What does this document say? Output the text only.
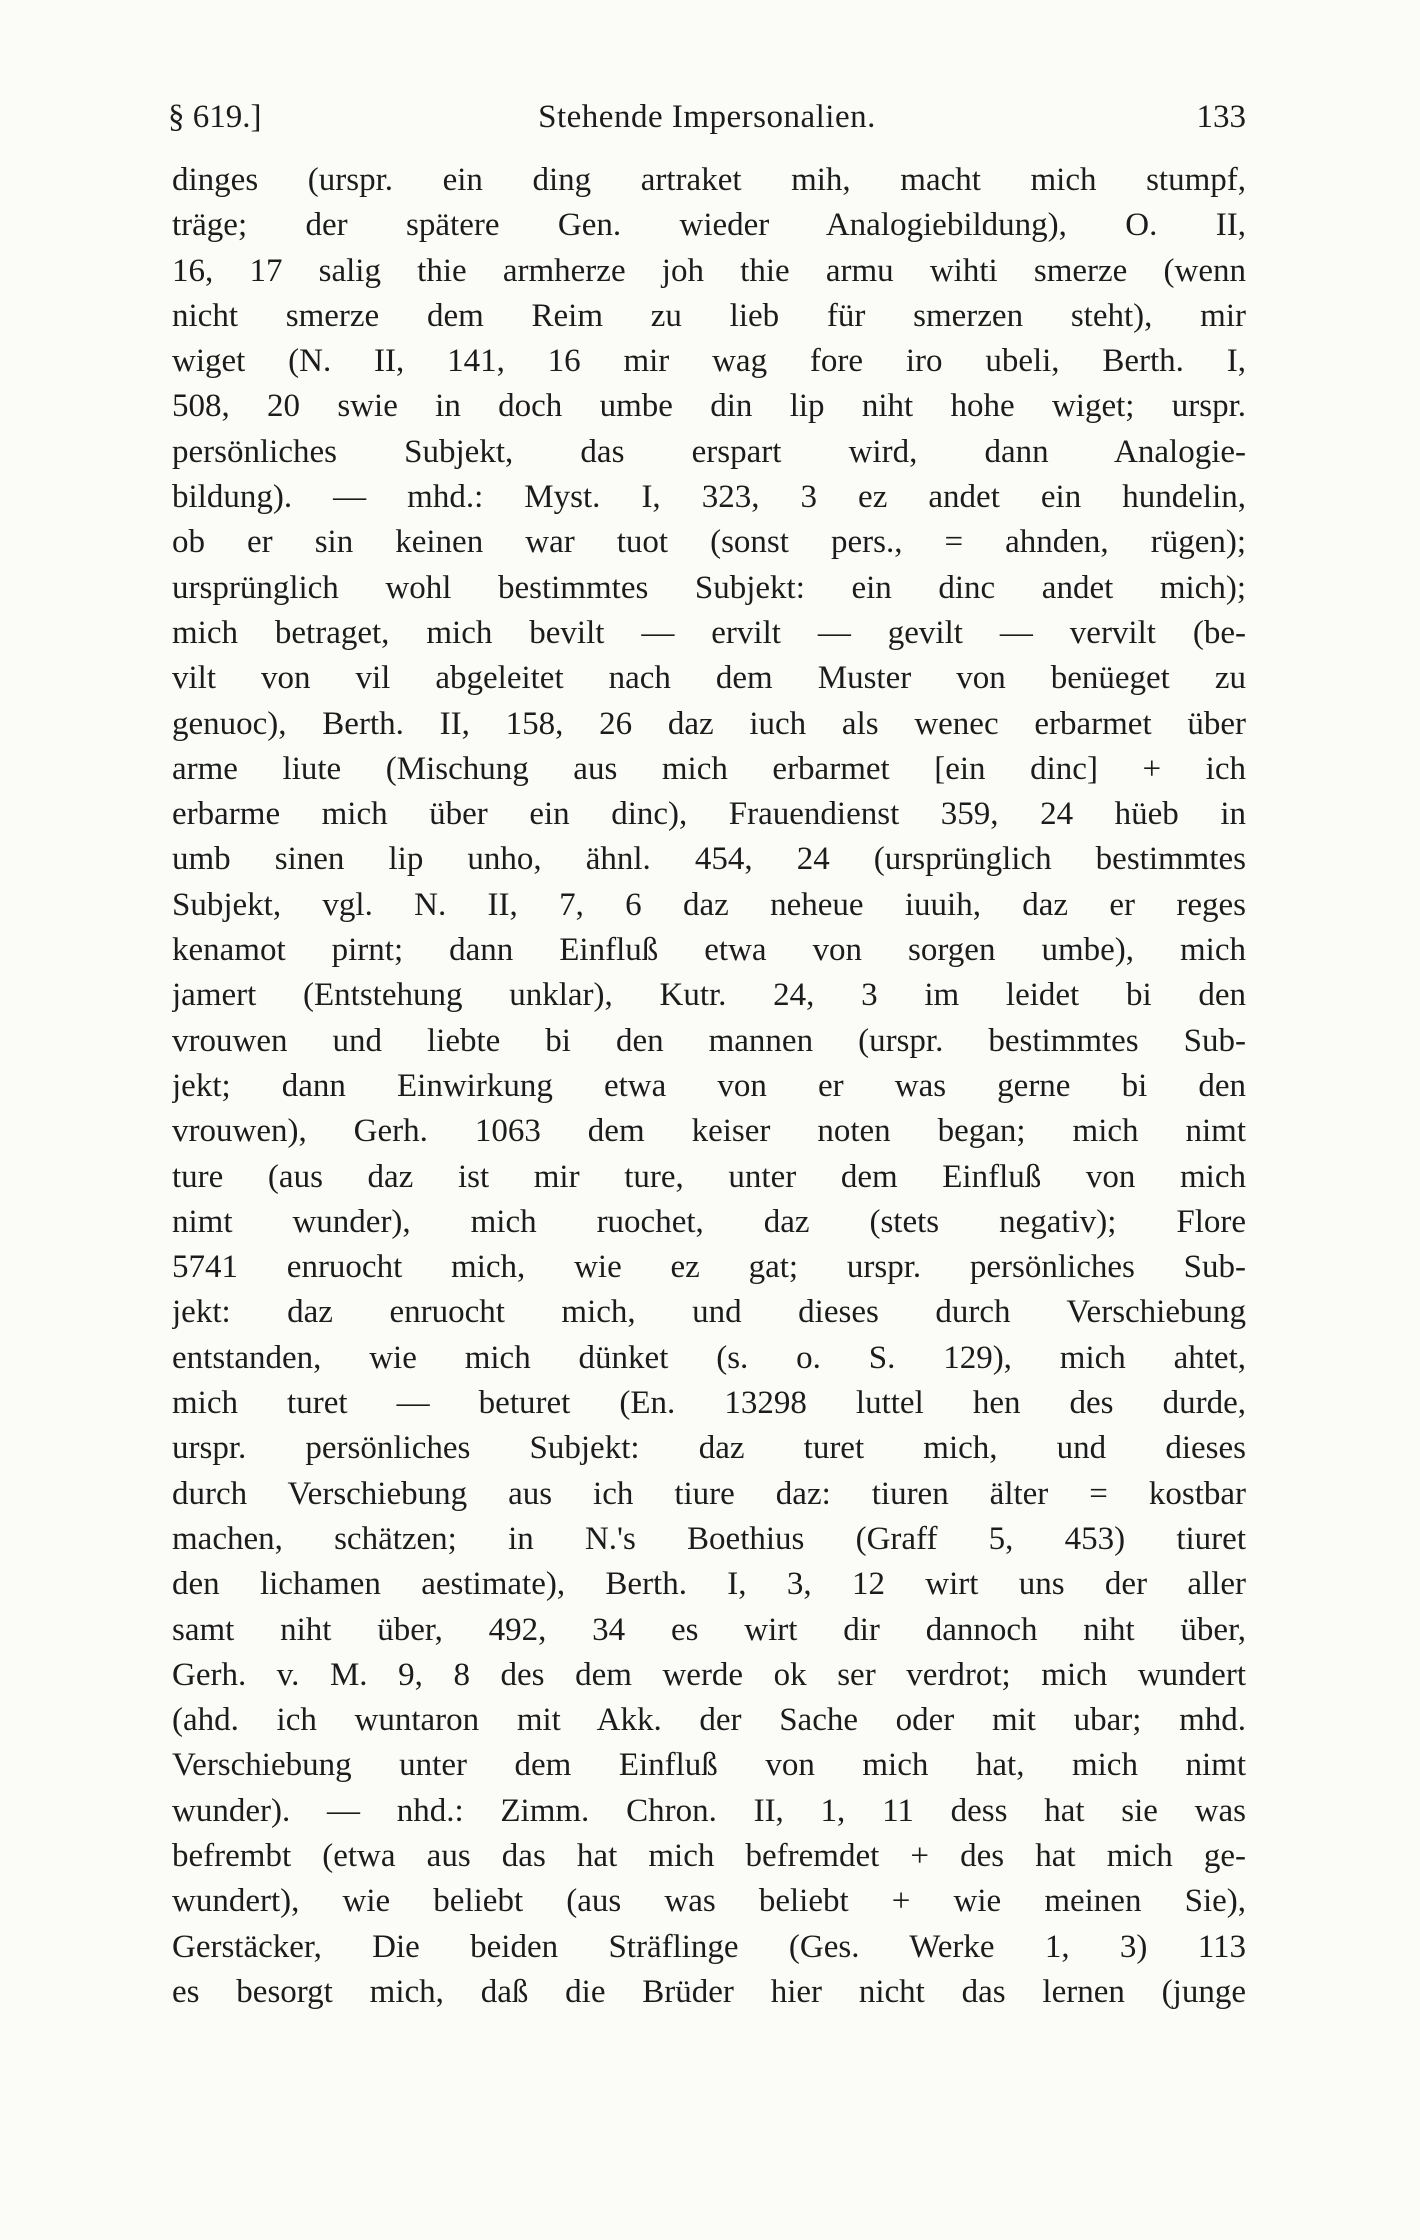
§ 619.]	Stehende Impersonalien.	133
dinges (urspr. ein ding artraket mih, macht mich stumpf,
träge; der spätere Gen. wieder Analogiebildung), O. II,
16, 17 salig thie armherze joh thie armu wihti smerze (wenn
nicht smerze dem Reim zu lieb für smerzen steht), mir
wiget (N. II, 141, 16 mir wag fore iro ubeli, Berth. I,
508, 20 swie in doch umbe din lip niht hohe wiget; urspr.
persönliches Subjekt, das erspart wird, dann Analogie-
bildung). — mhd.: Myst. I, 323, 3 ez andet ein hundelin,
ob er sin keinen war tuot (sonst pers., = ahnden, rügen);
ursprünglich wohl bestimmtes Subjekt: ein dinc andet mich);
mich betraget, mich bevilt — ervilt — gevilt — vervilt (be-
vilt von vil abgeleitet nach dem Muster von benüeget zu
genuoc), Berth. II, 158, 26 daz iuch als wenec erbarmet über
arme liute (Mischung aus mich erbarmet [ein dinc] + ich
erbarme mich über ein dinc), Frauendienst 359, 24 hüeb in
umb sinen lip unho, ähnl. 454, 24 (ursprünglich bestimmtes
Subjekt, vgl. N. II, 7, 6 daz neheue iuuih, daz er reges
kenamot pirnt; dann Einfluß etwa von sorgen umbe), mich
jamert (Entstehung unklar), Kutr. 24, 3 im leidet bi den
vrouwen und liebte bi den mannen (urspr. bestimmtes Sub-
jekt; dann Einwirkung etwa von er was gerne bi den
vrouwen), Gerh. 1063 dem keiser noten began; mich nimt
ture (aus daz ist mir ture, unter dem Einfluß von mich
nimt wunder), mich ruochet, daz (stets negativ); Flore
5741 enruocht mich, wie ez gat; urspr. persönliches Sub-
jekt: daz enruocht mich, und dieses durch Verschiebung
entstanden, wie mich dünket (s. o. S. 129), mich ahtet,
mich turet — beturet (En. 13298 luttel hen des durde,
urspr. persönliches Subjekt: daz turet mich, und dieses
durch Verschiebung aus ich tiure daz: tiuren älter = kostbar
machen, schätzen; in N.'s Boethius (Graff 5, 453) tiuret
den lichamen aestimate), Berth. I, 3, 12 wirt uns der aller
samt niht über, 492, 34 es wirt dir dannoch niht über,
Gerh. v. M. 9, 8 des dem werde ok ser verdrot; mich wundert
(ahd. ich wuntaron mit Akk. der Sache oder mit ubar; mhd.
Verschiebung unter dem Einfluß von mich hat, mich nimt
wunder). — nhd.: Zimm. Chron. II, 1, 11 dess hat sie was
befrembt (etwa aus das hat mich befremdet + des hat mich ge-
wundert), wie beliebt (aus was beliebt + wie meinen Sie),
Gerstäcker, Die beiden Sträflinge (Ges. Werke 1, 3) 113
es besorgt mich, daß die Brüder hier nicht das lernen (junge
